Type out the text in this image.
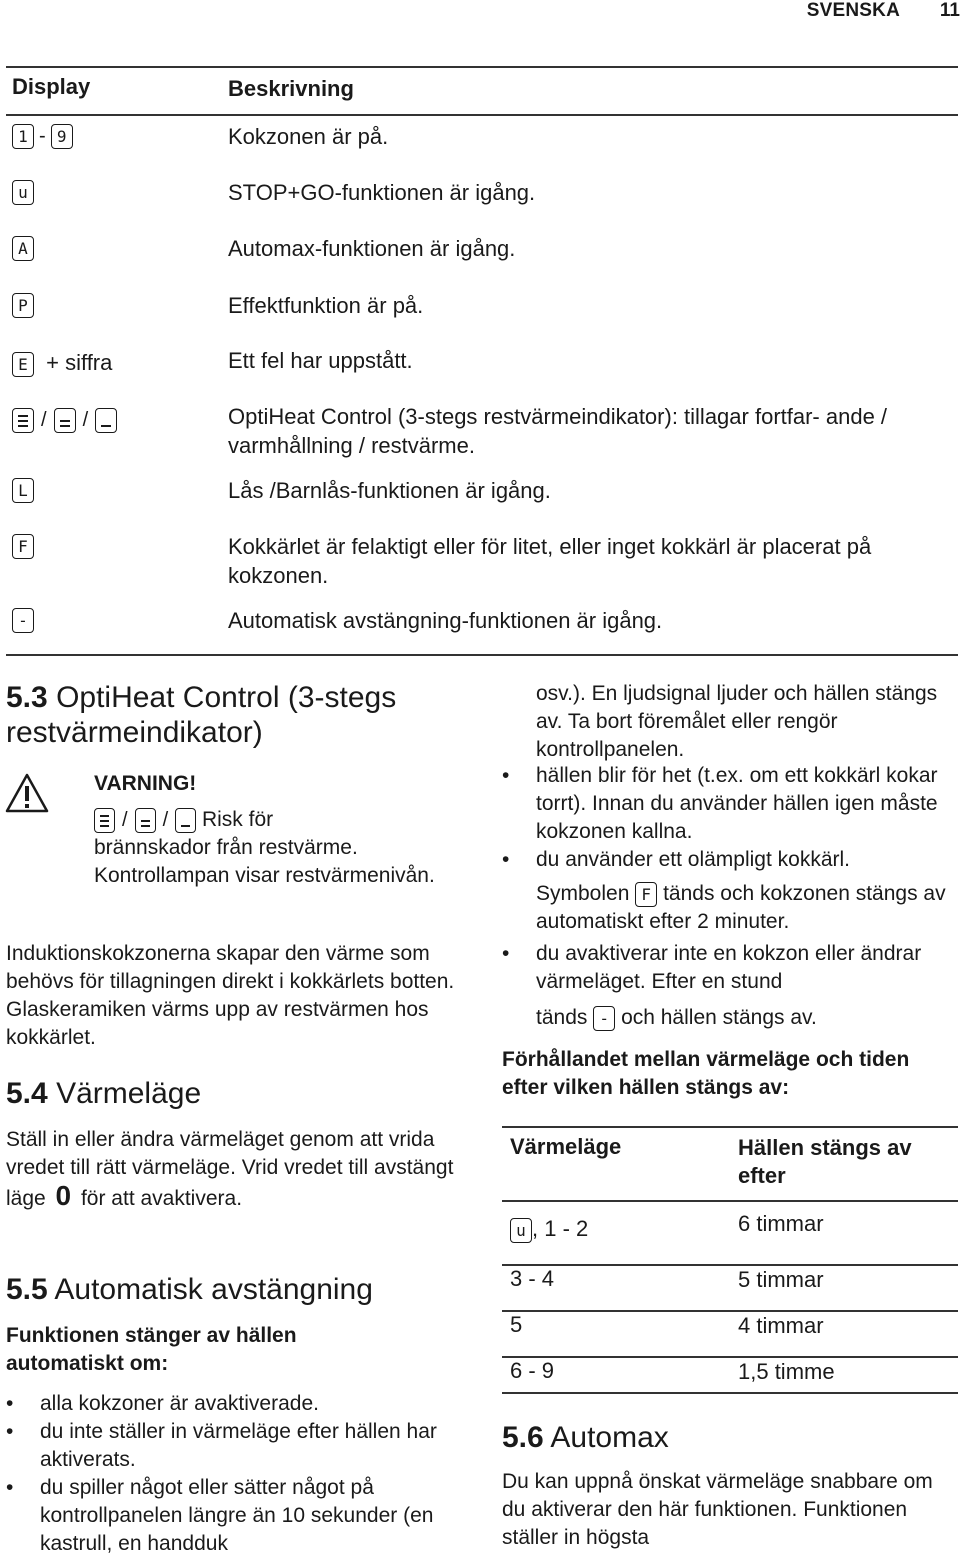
SVENSKA	11
Display	Beskrivning
1 - 9	Kokzonen är på.
u	STOP+GO-funktionen är igång.
A	Automax-funktionen är igång.
P	Effektfunktion är på.
E + siffra	Ett fel har uppstått.
/ /	OptiHeat Control (3-stegs restvärmeindikator): tillagar fortfar- ande / varmhållning / restvärme.
L	Lås /Barnlås-funktionen är igång.
F	Kokkärlet är felaktigt eller för litet, eller inget kokkärl är placerat på kokzonen.
-	Automatisk avstängning-funktionen är igång.
5.3 OptiHeat Control (3-stegs restvärmeindikator)
VARNING!
/ / Risk för
brännskador från restvärme. Kontrollampan visar restvärmenivån.
Induktionskokzonerna skapar den värme som behövs för tillagningen direkt i kokkärlets botten. Glaskeramiken värms upp av restvärmen hos kokkärlet.
5.4 Värmeläge
Ställ in eller ändra värmeläget genom att vrida vredet till rätt värmeläge. Vrid vredet till avstängt läge 0 för att avaktivera.
5.5 Automatisk avstängning
Funktionen stänger av hällen automatiskt om:
• alla kokzoner är avaktiverade.
• du inte ställer in värmeläge efter hällen har aktiverats.
• du spiller något eller sätter något på kontrollpanelen längre än 10 sekunder (en kastrull, en handduk
osv.). En ljudsignal ljuder och hällen stängs av. Ta bort föremålet eller rengör kontrollpanelen.
• hällen blir för het (t.ex. om ett kokkärl kokar torrt). Innan du använder hällen igen måste kokzonen kallna.
• du använder ett olämpligt kokkärl.
Symbolen F tänds och kokzonen stängs av automatiskt efter 2 minuter.
• du avaktiverar inte en kokzon eller ändrar värmeläget. Efter en stund
tänds - och hällen stängs av.
Förhållandet mellan värmeläge och tiden efter vilken hällen stängs av:
Värmeläge	Hällen stängs av efter
u , 1 - 2	6 timmar
3 - 4	5 timmar
5	4 timmar
6 - 9	1,5 timme
5.6 Automax
Du kan uppnå önskat värmeläge snabbare om du aktiverar den här funktionen. Funktionen ställer in högsta
